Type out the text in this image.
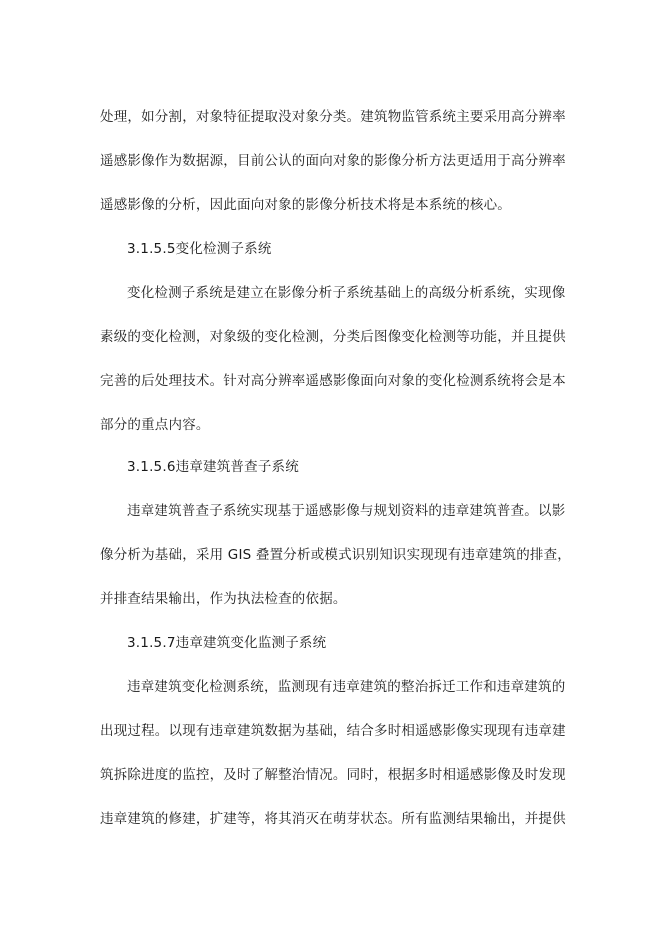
处理，如分割，对象特征提取没对象分类。建筑物监管系统主要采用高分辨率
遥感影像作为数据源，目前公认的面向对象的影像分析方法更适用于高分辨率
遥感影像的分析，因此面向对象的影像分析技术将是本系统的核心。
3.1.5.5变化检测子系统
变化检测子系统是建立在影像分析子系统基础上的高级分析系统，实现像
素级的变化检测，对象级的变化检测，分类后图像变化检测等功能，并且提供
完善的后处理技术。针对高分辨率遥感影像面向对象的变化检测系统将会是本
部分的重点内容。
3.1.5.6违章建筑普查子系统
违章建筑普查子系统实现基于遥感影像与规划资料的违章建筑普查。以影
像分析为基础，采用 GIS 叠置分析或模式识别知识实现现有违章建筑的排查，
并排查结果输出，作为执法检查的依据。
3.1.5.7违章建筑变化监测子系统
违章建筑变化检测系统，监测现有违章建筑的整治拆迁工作和违章建筑的
出现过程。以现有违章建筑数据为基础，结合多时相遥感影像实现现有违章建
筑拆除进度的监控，及时了解整治情况。同时，根据多时相遥感影像及时发现
违章建筑的修建，扩建等，将其消灭在萌芽状态。所有监测结果输出，并提供
